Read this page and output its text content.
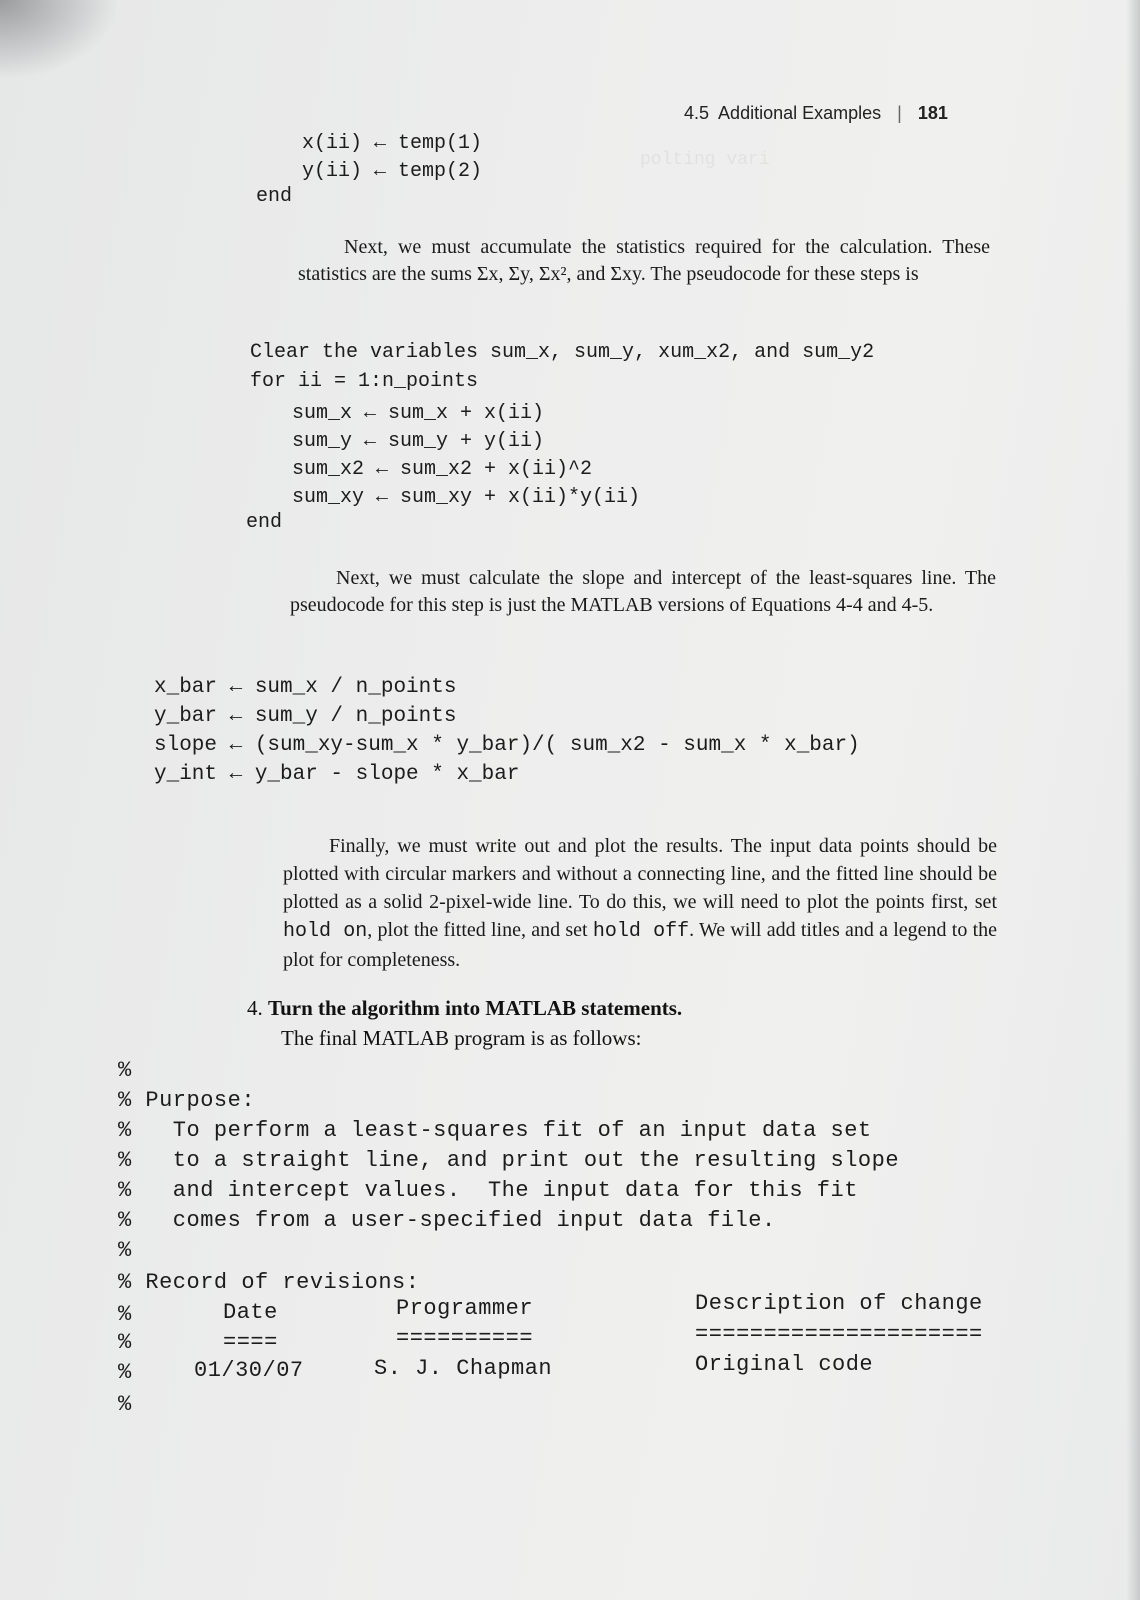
polting vari
4.5 Additional Examples | 181
x(ii) ← temp(1)
y(ii) ← temp(2)
end
Next, we must accumulate the statistics required for the calculation. These statistics are the sums Σx, Σy, Σx², and Σxy. The pseudocode for these steps is
Clear the variables sum_x, sum_y, xum_x2, and sum_y2
for ii = 1:n_points
sum_x ← sum_x + x(ii)
sum_y ← sum_y + y(ii)
sum_x2 ← sum_x2 + x(ii)^2
sum_xy ← sum_xy + x(ii)*y(ii)
end
Next, we must calculate the slope and intercept of the least-squares line. The pseudocode for this step is just the MATLAB versions of Equations 4-4 and 4-5.
x_bar ← sum_x / n_points
y_bar ← sum_y / n_points
slope ← (sum_xy-sum_x * y_bar)/( sum_x2 - sum_x * x_bar)
y_int ← y_bar - slope * x_bar
Finally, we must write out and plot the results. The input data points should be plotted with circular markers and without a connecting line, and the fitted line should be plotted as a solid 2-pixel-wide line. To do this, we will need to plot the points first, set hold on, plot the fitted line, and set hold off. We will add titles and a legend to the plot for completeness.
4. Turn the algorithm into MATLAB statements.
The final MATLAB program is as follows:
%
% Purpose:
%   To perform a least-squares fit of an input data set
%   to a straight line, and print out the resulting slope
%   and intercept values.  The input data for this fit
%   comes from a user-specified input data file.
%
% Record of revisions:
%
%
%
%
Date	Programmer	Description of change
====	==========	=====================
01/30/07	S. J. Chapman	Original code
